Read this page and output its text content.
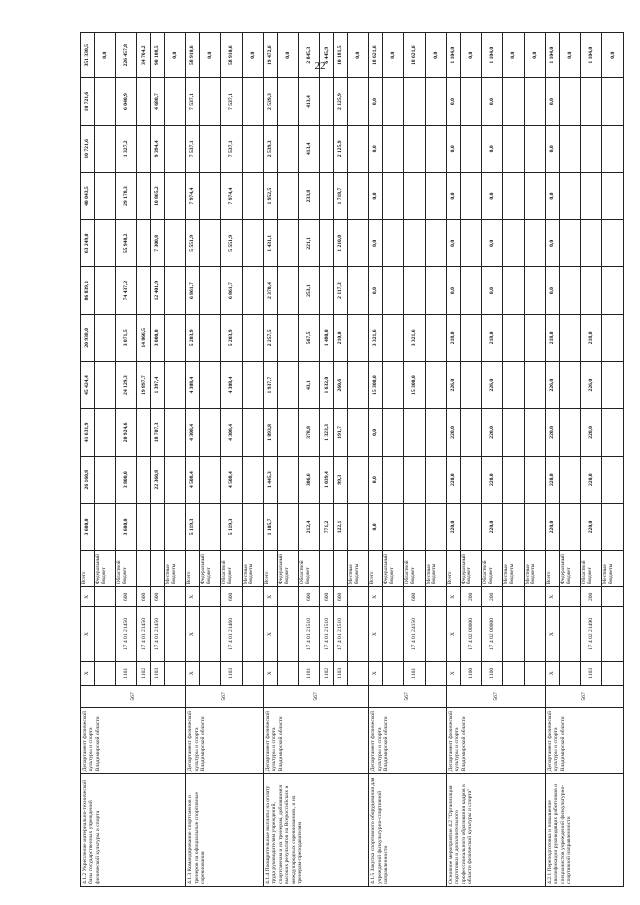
22
4.1.2 Укрепление материально-технической базы государственных учреждений физической культуры и спорта	Департамент физической культуры и спорта Владимирской области	567	X	X	X	Всего	3 600,0	26 160,8	41 631,9	45 424,4	20 938,0	86 839,1	63 249,0	40 043,5	10 721,6	10 721,6	351 330,5
						Федеральный бюджет											0,0
			1101	17 4 01 21450	600	Областной бюджет	3 600,0	3 800,0	20 924,6	24 129,3	3 071,5	74 437,2	55 948,2	29 178,3	1 327,2	6 040,9	226 457,8
			1102	17 4 01 21450	600					19 897,7	14 866,5						34 764,2
			1103	17 4 01 21450	600			22 360,8	18 707,3	1 397,4	3 000,0	12 401,9	7 300,8	10 865,2	9 394,4	4 680,7	90 108,5
						Местные бюджеты											0,0
4.1.3 Командирование спортсменов и тренеров на официальные спортивные соревнования	Департамент физической культуры и спорта Владимирской области	567	X	X	X	Всего	5 119,3	4 508,4	4 308,4	4 308,4	5 203,9	6 861,7	5 551,9	7 974,4	7 537,1	7 537,1	58 910,6
						Федеральный бюджет											0,0
			1103	17 4 01 21460	600	Областной бюджет	5 119,3	4 508,4	4 308,4	4 308,4	5 203,9	6 861,7	5 551,9	7 974,4	7 537,1	7 537,1	58 910,6
						Местные бюджеты											0,0
4.1.4 Поощрительные выплаты на оплату труда руководителям учреждений, спортсменам и их тренерам, добившимся высоких результатов на Всероссийских и международных соревнованиях, и их тренерам-преподавателям	Департамент физической культуры и спорта Владимирской области	567	X	X	X	Всего	1 105,7	1 445,3	1 893,8	1 937,7	2 257,5	2 370,4	1 431,1	1 952,5	2 539,3	2 539,3	19 472,6
						Федеральный бюджет											0,0
			1101	17 4 01 21510	600	Областной бюджет	212,4	306,6	378,8	43,1	567,5	253,1	221,1	233,8	413,4	413,4	2 845,3
			1102	17 4 01 21510	600		771,2	1 039,4	1 323,3	1 632,0	1 480,0						6 445,9
			1103	17 4 01 21510	600		122,1	99,3	191,7	260,6	210,0	2 117,3	1 210,0	1 718,7	2 125,9	2 125,9	10 181,5
						Местные бюджеты											0,0
4.1.5 Закупка спортивного оборудования для учреждений физкультурно-спортивной направленности	Департамент физической культуры и спорта Владимирской области	567	X	X	X	Всего	0,0	0,0	0,0	15 300,0	3 321,6	0,0	0,0	0,0	0,0	0,0	18 621,6
						Федеральный бюджет											0,0
			1101	17 4 01 24150	600	Областной бюджет				15 300,0	3 321,6						18 621,6
						Местные бюджеты											0,0
Основное мероприятие 4.2 "Организация подготовки и дополнительного профессионального образования кадров в области физической культуры и спорта"	Департамент физической культуры и спорта Владимирской области	567	X	X	X	Всего	220,0	220,0	220,0	226,0	218,0	0,0	0,0	0,0	0,0	0,0	1 104,0
			1100	17 4 02 00000	200	Федеральный бюджет											0,0
			1100	17 4 02 00000	200	Областной бюджет	220,0	220,0	220,0	226,0	218,0	0,0	0,0	0,0	0,0	0,0	1 104,0
						Местные бюджеты											0,0
						Местные бюджеты											0,0
4.2.1 Переподготовка и повышение квалификации руководящих работников и специалистов учреждений физкультурно-спортивной направленности	Департамент физической культуры и спорта Владимирской области	567	X	X	X	Всего	220,0	220,0	220,0	226,0	218,0	0,0	0,0	0,0	0,0	0,0	1 104,0
						Федеральный бюджет											0,0
			1103	17 4 02 21490	200	Областной бюджет	220,0	220,0	220,0	226,0	218,0						1 104,0
						Местные бюджеты											0,0
